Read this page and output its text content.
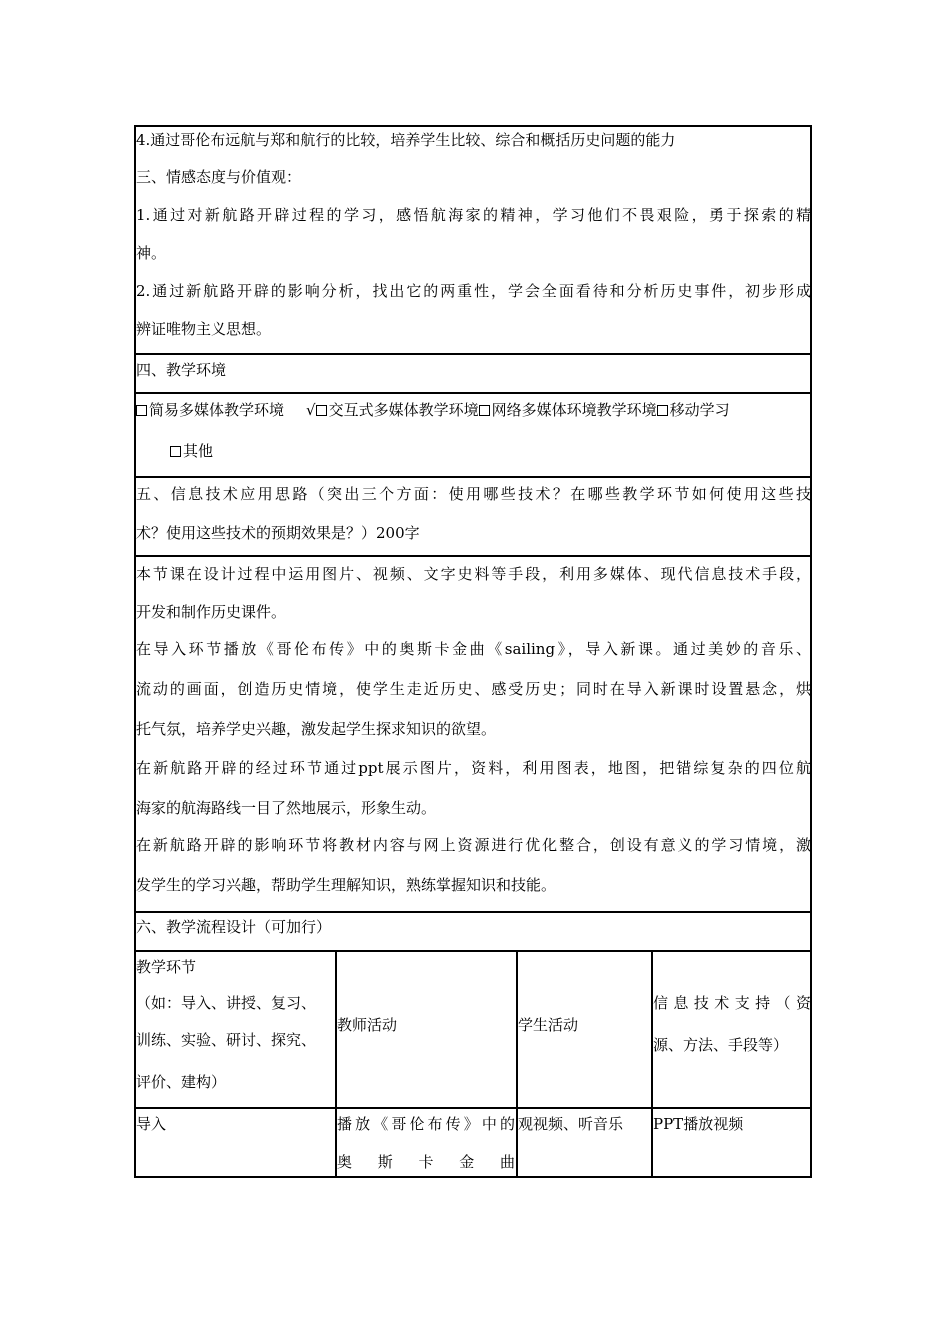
4.通过哥伦布远航与郑和航行的比较，培养学生比较、综合和概括历史问题的能力
三、情感态度与价值观：
1.通过对新航路开辟过程的学习，感悟航海家的精神，学习他们不畏艰险，勇于探索的精
神。
2.通过新航路开辟的影响分析，找出它的两重性，学会全面看待和分析历史事件，初步形成
辨证唯物主义思想。
四、教学环境
简易多媒体教学环境 √ 交互式多媒体教学环境 网络多媒体环境教学环境 移动学习
其他
五、信息技术应用思路（突出三个方面：使用哪些技术？在哪些教学环节如何使用这些技
术？使用这些技术的预期效果是？）200字
本节课在设计过程中运用图片、视频、文字史料等手段，利用多媒体、现代信息技术手段，
开发和制作历史课件。
在导入环节播放《哥伦布传》中的奥斯卡金曲《sailing》，导入新课。通过美妙的音乐、
流动的画面，创造历史情境，使学生走近历史、感受历史；同时在导入新课时设置悬念，烘
托气氛，培养学史兴趣，激发起学生探求知识的欲望。
在新航路开辟的经过环节通过ppt展示图片，资料，利用图表，地图，把错综复杂的四位航
海家的航海路线一目了然地展示，形象生动。
在新航路开辟的影响环节将教材内容与网上资源进行优化整合，创设有意义的学习情境，激
发学生的学习兴趣，帮助学生理解知识，熟练掌握知识和技能。
六、教学流程设计（可加行）
教学环节
（如：导入、讲授、复习、
训练、实验、研讨、探究、
评价、建构）
教师活动	学生活动
信息技术支持（资
源、方法、手段等）
导入	播放《哥伦布传》中的
奥斯卡金曲
观视频、听音乐 PPT播放视频
